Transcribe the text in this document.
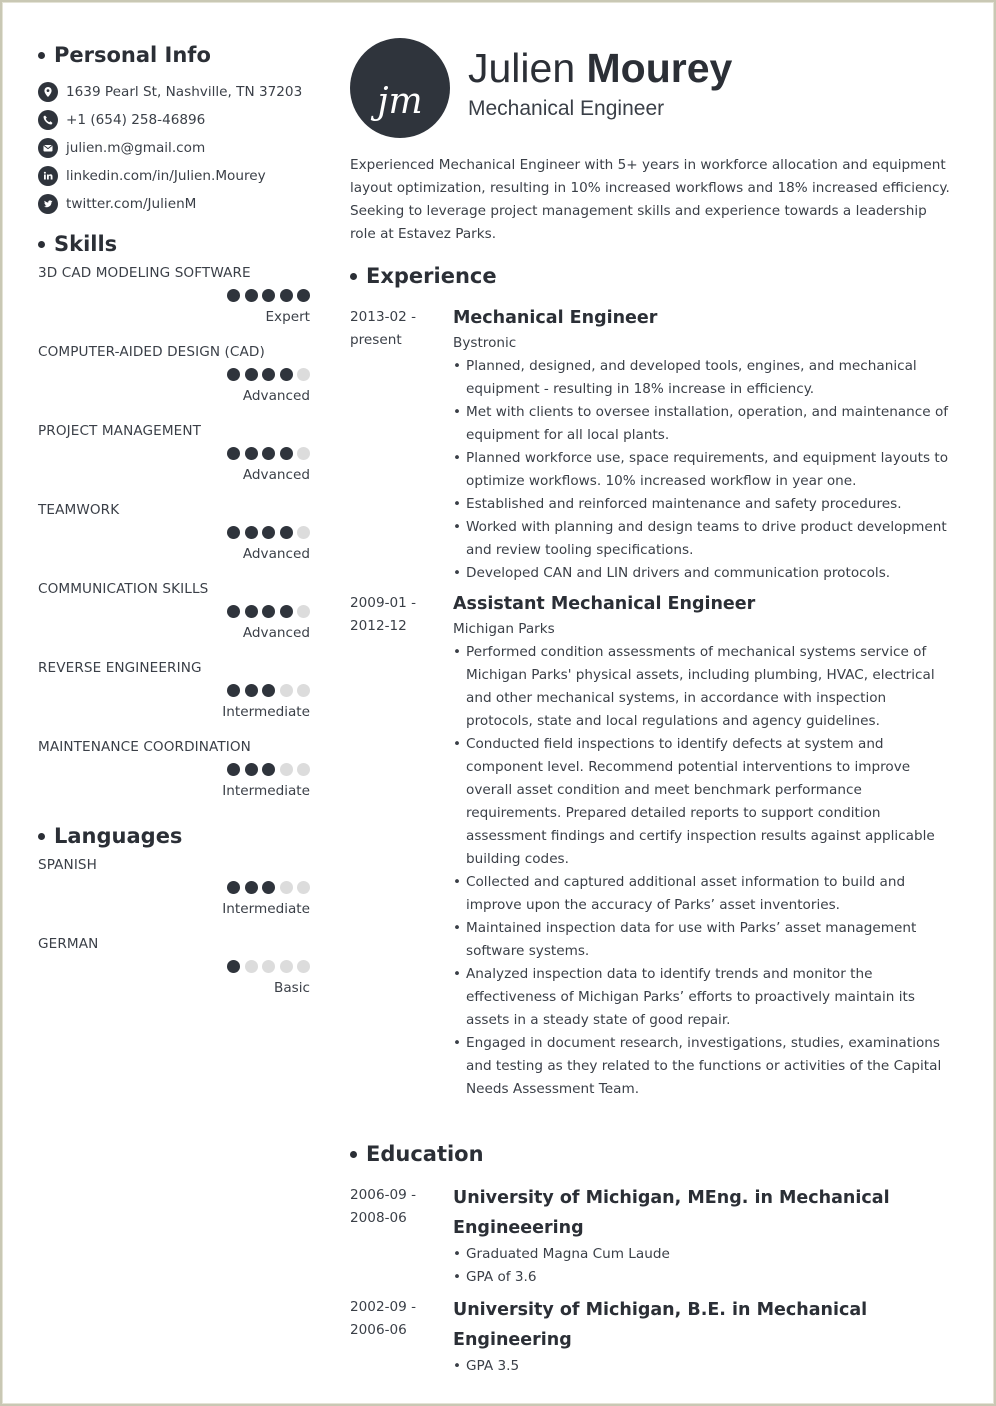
Personal Info
1639 Pearl St, Nashville, TN 37203
+1 (654) 258-46896
julien.m@gmail.com
linkedin.com/in/Julien.Mourey
twitter.com/JulienM
Skills
3D CAD MODELING SOFTWARE
Expert
COMPUTER-AIDED DESIGN (CAD)
Advanced
PROJECT MANAGEMENT
Advanced
TEAMWORK
Advanced
COMMUNICATION SKILLS
Advanced
REVERSE ENGINEERING
Intermediate
MAINTENANCE COORDINATION
Intermediate
Languages
SPANISH
Intermediate
GERMAN
Basic
jm
Julien Mourey
Mechanical Engineer
Experienced Mechanical Engineer with 5+ years in workforce allocation and equipment layout optimization, resulting in 10% increased workflows and 18% increased efficiency. Seeking to leverage project management skills and experience towards a leadership role at Estavez Parks.
Experience
2013-02 -
present
Mechanical Engineer
Bystronic
• Planned, designed, and developed tools, engines, and mechanical equipment - resulting in 18% increase in efficiency.
• Met with clients to oversee installation, operation, and maintenance of equipment for all local plants.
• Planned workforce use, space requirements, and equipment layouts to optimize workflows. 10% increased workflow in year one.
• Established and reinforced maintenance and safety procedures.
• Worked with planning and design teams to drive product development and review tooling specifications.
• Developed CAN and LIN drivers and communication protocols.
2009-01 -
2012-12
Assistant Mechanical Engineer
Michigan Parks
• Performed condition assessments of mechanical systems service of Michigan Parks' physical assets, including plumbing, HVAC, electrical and other mechanical systems, in accordance with inspection protocols, state and local regulations and agency guidelines.
• Conducted field inspections to identify defects at system and component level. Recommend potential interventions to improve overall asset condition and meet benchmark performance requirements. Prepared detailed reports to support condition assessment findings and certify inspection results against applicable building codes.
• Collected and captured additional asset information to build and improve upon the accuracy of Parks’ asset inventories.
• Maintained inspection data for use with Parks’ asset management software systems.
• Analyzed inspection data to identify trends and monitor the effectiveness of Michigan Parks’ efforts to proactively maintain its assets in a steady state of good repair.
• Engaged in document research, investigations, studies, examinations and testing as they related to the functions or activities of the Capital Needs Assessment Team.
Education
2006-09 -
2008-06
University of Michigan, MEng. in Mechanical Engineeering
• Graduated Magna Cum Laude
• GPA of 3.6
2002-09 -
2006-06
University of Michigan, B.E. in Mechanical Engineering
• GPA 3.5
